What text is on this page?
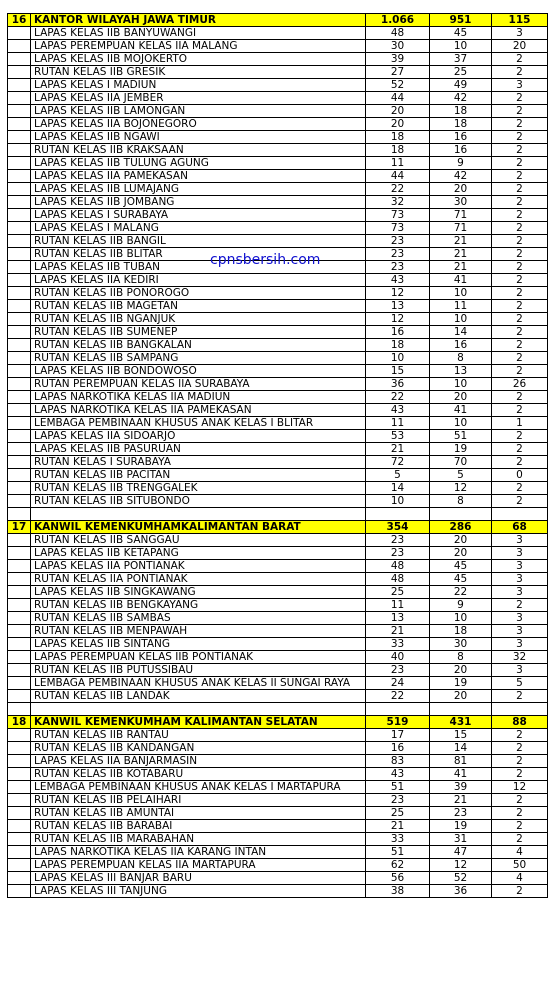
16	KANTOR WILAYAH JAWA TIMUR	1.066	951	115
	LAPAS KELAS IIB BANYUWANGI	48	45	3
	LAPAS PEREMPUAN KELAS IIA MALANG	30	10	20
	LAPAS KELAS IIB MOJOKERTO	39	37	2
	RUTAN KELAS IIB GRESIK	27	25	2
	LAPAS KELAS I MADIUN	52	49	3
	LAPAS KELAS IIA JEMBER	44	42	2
	LAPAS KELAS IIB LAMONGAN	20	18	2
	LAPAS KELAS IIA BOJONEGORO	20	18	2
	LAPAS KELAS IIB NGAWI	18	16	2
	RUTAN KELAS IIB KRAKSAAN	18	16	2
	LAPAS KELAS IIB TULUNG AGUNG	11	9	2
	LAPAS KELAS IIA PAMEKASAN	44	42	2
	LAPAS KELAS IIB LUMAJANG	22	20	2
	LAPAS KELAS IIB JOMBANG	32	30	2
	LAPAS KELAS I SURABAYA	73	71	2
	LAPAS KELAS I MALANG	73	71	2
	RUTAN KELAS IIB BANGIL	23	21	2
	RUTAN KELAS IIB BLITAR	23	21	2
	LAPAS KELAS IIB TUBAN	23	21	2
	LAPAS KELAS IIA KEDIRI	43	41	2
	RUTAN KELAS IIB PONOROGO	12	10	2
	RUTAN KELAS IIB MAGETAN	13	11	2
	RUTAN KELAS IIB NGANJUK	12	10	2
	RUTAN KELAS IIB SUMENEP	16	14	2
	RUTAN KELAS IIB BANGKALAN	18	16	2
	RUTAN KELAS IIB SAMPANG	10	8	2
	LAPAS KELAS IIB BONDOWOSO	15	13	2
	RUTAN PEREMPUAN KELAS IIA SURABAYA	36	10	26
	LAPAS NARKOTIKA KELAS IIA MADIUN	22	20	2
	LAPAS NARKOTIKA KELAS IIA PAMEKASAN	43	41	2
	LEMBAGA PEMBINAAN KHUSUS ANAK KELAS I BLITAR	11	10	1
	LAPAS KELAS IIA SIDOARJO	53	51	2
	LAPAS KELAS IIB PASURUAN	21	19	2
	RUTAN KELAS I SURABAYA	72	70	2
	RUTAN KELAS IIB PACITAN	5	5	0
	RUTAN KELAS IIB TRENGGALEK	14	12	2
	RUTAN KELAS IIB SITUBONDO	10	8	2

17	KANWIL KEMENKUMHAMKALIMANTAN BARAT	354	286	68
	RUTAN KELAS IIB SANGGAU	23	20	3
	LAPAS KELAS IIB KETAPANG	23	20	3
	LAPAS KELAS IIA PONTIANAK	48	45	3
	RUTAN KELAS IIA PONTIANAK	48	45	3
	LAPAS KELAS IIB SINGKAWANG	25	22	3
	RUTAN KELAS IIB BENGKAYANG	11	9	2
	RUTAN KELAS IIB SAMBAS	13	10	3
	RUTAN KELAS IIB MENPAWAH	21	18	3
	LAPAS KELAS IIB SINTANG	33	30	3
	LAPAS PEREMPUAN KELAS IIB PONTIANAK	40	8	32
	RUTAN KELAS IIB PUTUSSIBAU	23	20	3
	LEMBAGA PEMBINAAN KHUSUS ANAK KELAS II SUNGAI RAYA	24	19	5
	RUTAN KELAS IIB LANDAK	22	20	2

18	KANWIL KEMENKUMHAM KALIMANTAN SELATAN	519	431	88
	RUTAN KELAS IIB RANTAU	17	15	2
	RUTAN KELAS IIB KANDANGAN	16	14	2
	LAPAS KELAS IIA BANJARMASIN	83	81	2
	RUTAN KELAS IIB KOTABARU	43	41	2
	LEMBAGA PEMBINAAN KHUSUS ANAK KELAS I MARTAPURA	51	39	12
	RUTAN KELAS IIB PELAIHARI	23	21	2
	RUTAN KELAS IIB AMUNTAI	25	23	2
	RUTAN KELAS IIB BARABAI	21	19	2
	RUTAN KELAS IIB MARABAHAN	33	31	2
	LAPAS NARKOTIKA KELAS IIA KARANG INTAN	51	47	4
	LAPAS PEREMPUAN KELAS IIA MARTAPURA	62	12	50
	LAPAS KELAS III BANJAR BARU	56	52	4
	LAPAS KELAS III TANJUNG	38	36	2
cpnsbersih.com
